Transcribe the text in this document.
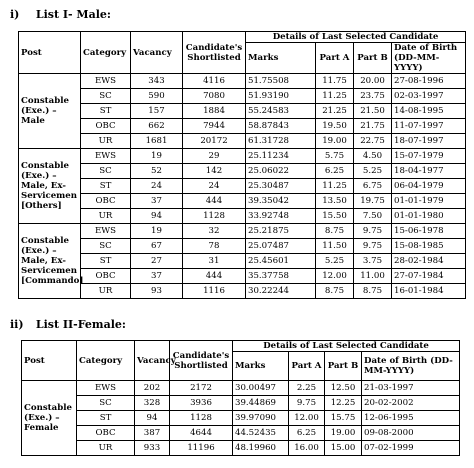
i) List I- Male:
Post	Category	Vacancy	Candidate's Shortlisted	Details of Last Selected Candidate			
				Marks	Part A	Part B	Date of Birth (DD-MM-YYYY)
Constable (Exe.) – Male	EWS	343	4116	51.75508	11.75	20.00	27-08-1996
	SC	590	7080	51.93190	11.25	23.75	02-03-1997
	ST	157	1884	55.24583	21.25	21.50	14-08-1995
	OBC	662	7944	58.87843	19.50	21.75	11-07-1997
	UR	1681	20172	61.31728	19.00	22.75	18-07-1997
Constable (Exe.) – Male, Ex-Servicemen [Others]	EWS	19	29	25.11234	5.75	4.50	15-07-1979
	SC	52	142	25.06022	6.25	5.25	18-04-1977
	ST	24	24	25.30487	11.25	6.75	06-04-1979
	OBC	37	444	39.35042	13.50	19.75	01-01-1979
	UR	94	1128	33.92748	15.50	7.50	01-01-1980
Constable (Exe.) – Male, Ex-Servicemen [Commando]	EWS	19	32	25.21875	8.75	9.75	15-06-1978
	SC	67	78	25.07487	11.50	9.75	15-08-1985
	ST	27	31	25.45601	5.25	3.75	28-02-1984
	OBC	37	444	35.37758	12.00	11.00	27-07-1984
	UR	93	1116	30.22244	8.75	8.75	16-01-1984
ii) List II-Female:
Post	Category	Vacancy	Candidate's Shortlisted	Details of Last Selected Candidate			
				Marks	Part A	Part B	Date of Birth (DD-MM-YYYY)
Constable (Exe.) – Female	EWS	202	2172	30.00497	2.25	12.50	21-03-1997
	SC	328	3936	39.44869	9.75	12.25	20-02-2002
	ST	94	1128	39.97090	12.00	15.75	12-06-1995
	OBC	387	4644	44.52435	6.25	19.00	09-08-2000
	UR	933	11196	48.19960	16.00	15.00	07-02-1999
